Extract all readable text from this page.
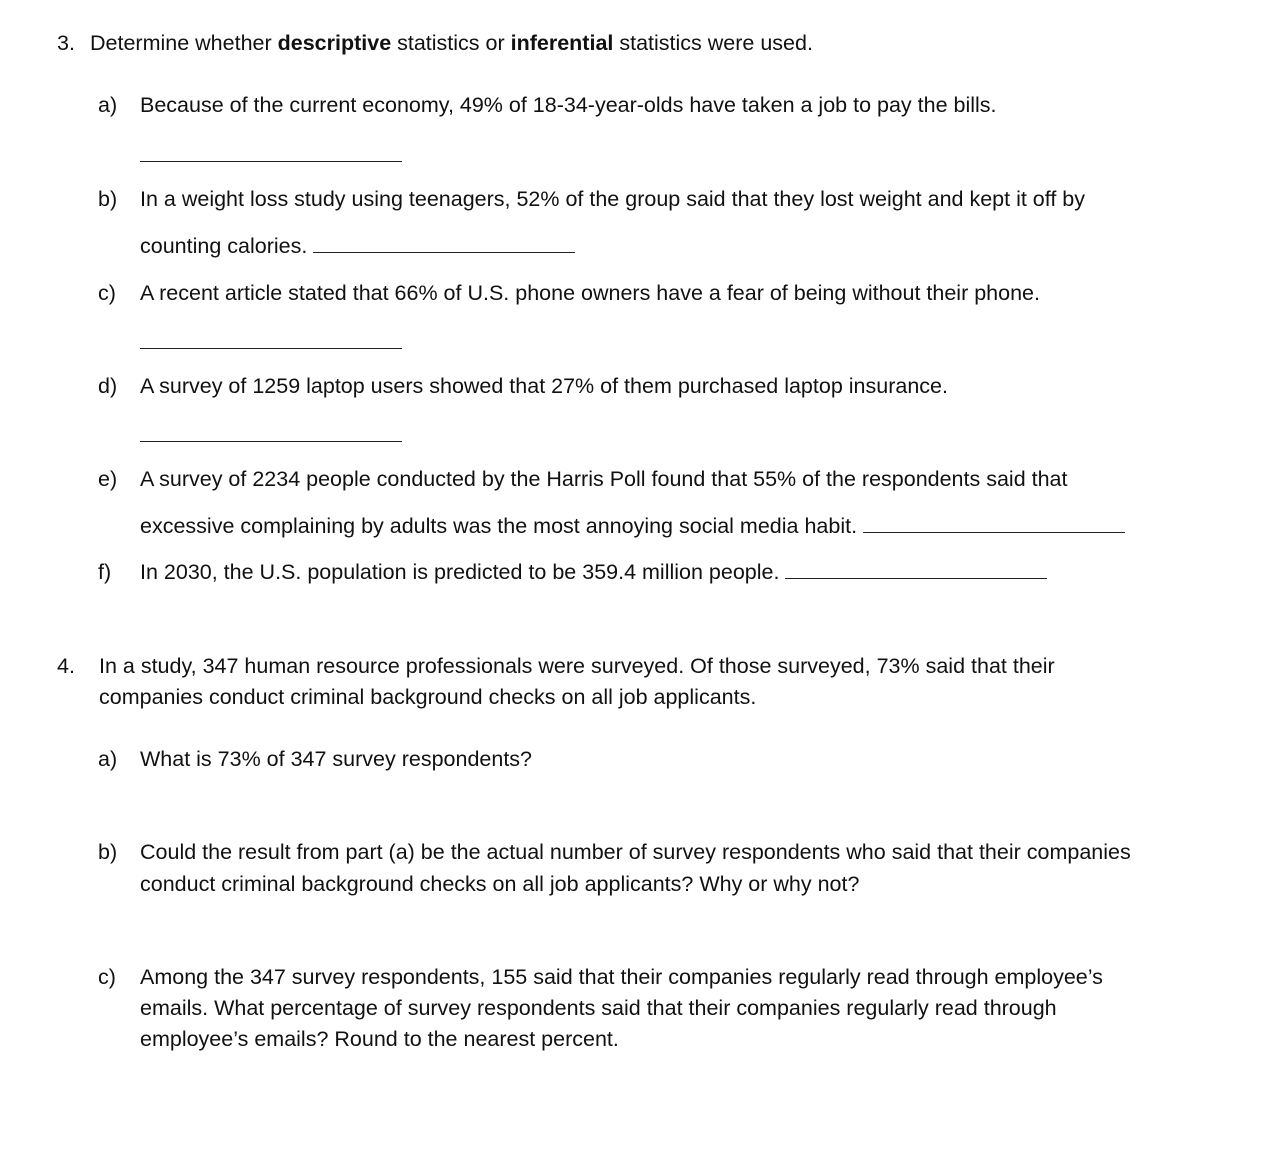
3. Determine whether descriptive statistics or inferential statistics were used.
a) Because of the current economy, 49% of 18-34-year-olds have taken a job to pay the bills.
b) In a weight loss study using teenagers, 52% of the group said that they lost weight and kept it off by
counting calories.
c) A recent article stated that 66% of U.S. phone owners have a fear of being without their phone.
d) A survey of 1259 laptop users showed that 27% of them purchased laptop insurance.
e) A survey of 2234 people conducted by the Harris Poll found that 55% of the respondents said that
excessive complaining by adults was the most annoying social media habit.
f) In 2030, the U.S. population is predicted to be 359.4 million people.
4. In a study, 347 human resource professionals were surveyed. Of those surveyed, 73% said that their
companies conduct criminal background checks on all job applicants.
a) What is 73% of 347 survey respondents?
b) Could the result from part (a) be the actual number of survey respondents who said that their companies
conduct criminal background checks on all job applicants? Why or why not?
c) Among the 347 survey respondents, 155 said that their companies regularly read through employee’s
emails. What percentage of survey respondents said that their companies regularly read through
employee’s emails? Round to the nearest percent.
